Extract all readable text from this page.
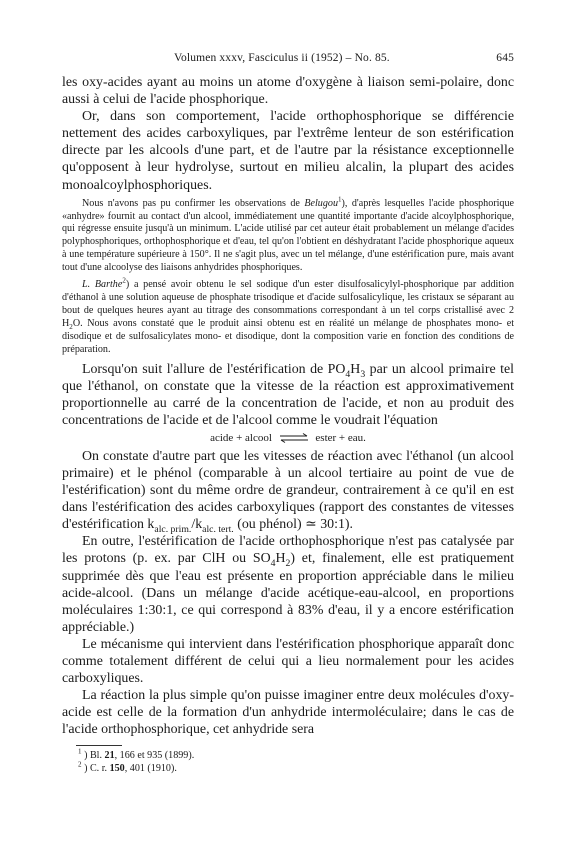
Volumen xxxv, Fasciculus ii (1952) – No. 85.	645

les oxy-acides ayant au moins un atome d'oxygène à liaison semi-polaire, donc aussi à celui de l'acide phosphorique.

Or, dans son comportement, l'acide orthophosphorique se différencie nettement des acides carboxyliques, par l'extrême lenteur de son estérification directe par les alcools d'une part, et de l'autre par la résistance exceptionnelle qu'opposent à leur hydrolyse, surtout en milieu alcalin, la plupart des acides monoalcoylphosphoriques.

Nous n'avons pas pu confirmer les observations de Belugou$^1$), d'après lesquelles l'acide phosphorique «anhydre» fournit au contact d'un alcool, immédiatement une quantité importante d'acide alcoylphosphorique, qui régresse ensuite jusqu'à un minimum. L'acide utilisé par cet auteur était probablement un mélange d'acides polyphosphoriques, orthophosphorique et d'eau, tel qu'on l'obtient en déshydratant l'acide phosphorique aqueux à une température supérieure à 150°. Il ne s'agit plus, avec un tel mélange, d'une estérification pure, mais avant tout d'une alcoolyse des liaisons anhydrides phosphoriques.

L. Barthe$^2$) a pensé avoir obtenu le sel sodique d'un ester disulfosalicylyl-phosphorique par addition d'éthanol à une solution aqueuse de phosphate trisodique et d'acide sulfosalicylique, les cristaux se séparant au bout de quelques heures ayant au titrage des consommations correspondant à un tel corps cristallisé avec 2 $H_2O$. Nous avons constaté que le produit ainsi obtenu est en réalité un mélange de phosphates mono- et disodique et de sulfosalicylates mono- et disodique, dont la composition varie en fonction des conditions de préparation.

Lorsqu'on suit l'allure de l'estérification de $PO_4H_3$ par un alcool primaire tel que l'éthanol, on constate que la vitesse de la réaction est approximativement proportionnelle au carré de la concentration de l'acide, et non au produit des concentrations de l'acide et de l'alcool comme le voudrait l'équation

acide + alcool ⇌ ester + eau.

On constate d'autre part que les vitesses de réaction avec l'éthanol (un alcool primaire) et le phénol (comparable à un alcool tertiaire au point de vue de l'estérification) sont du même ordre de grandeur, contrairement à ce qu'il en est dans l'estérification des acides carboxyliques (rapport des constantes de vitesses d'estérification $k_{alc. prim.}/k_{alc. tert.}$ (ou phénol) ≃ 30:1).

En outre, l'estérification de l'acide orthophosphorique n'est pas catalysée par les protons (p. ex. par ClH ou $SO_4H_2$) et, finalement, elle est pratiquement supprimée dès que l'eau est présente en proportion appréciable dans le milieu acide-alcool. (Dans un mélange d'acide acétique-eau-alcool, en proportions moléculaires 1:30:1, ce qui correspond à 83% d'eau, il y a encore estérification appréciable.)

Le mécanisme qui intervient dans l'estérification phosphorique apparaît donc comme totalement différent de celui qui a lieu normalement pour les acides carboxyliques.

La réaction la plus simple qu'on puisse imaginer entre deux molécules d'oxy-acide est celle de la formation d'un anhydride intermoléculaire; dans le cas de l'acide orthophosphorique, cet anhydride sera

$^1$ ) Bl. 21, 166 et 935 (1899).

$^2$ ) C. r. 150, 401 (1910).
